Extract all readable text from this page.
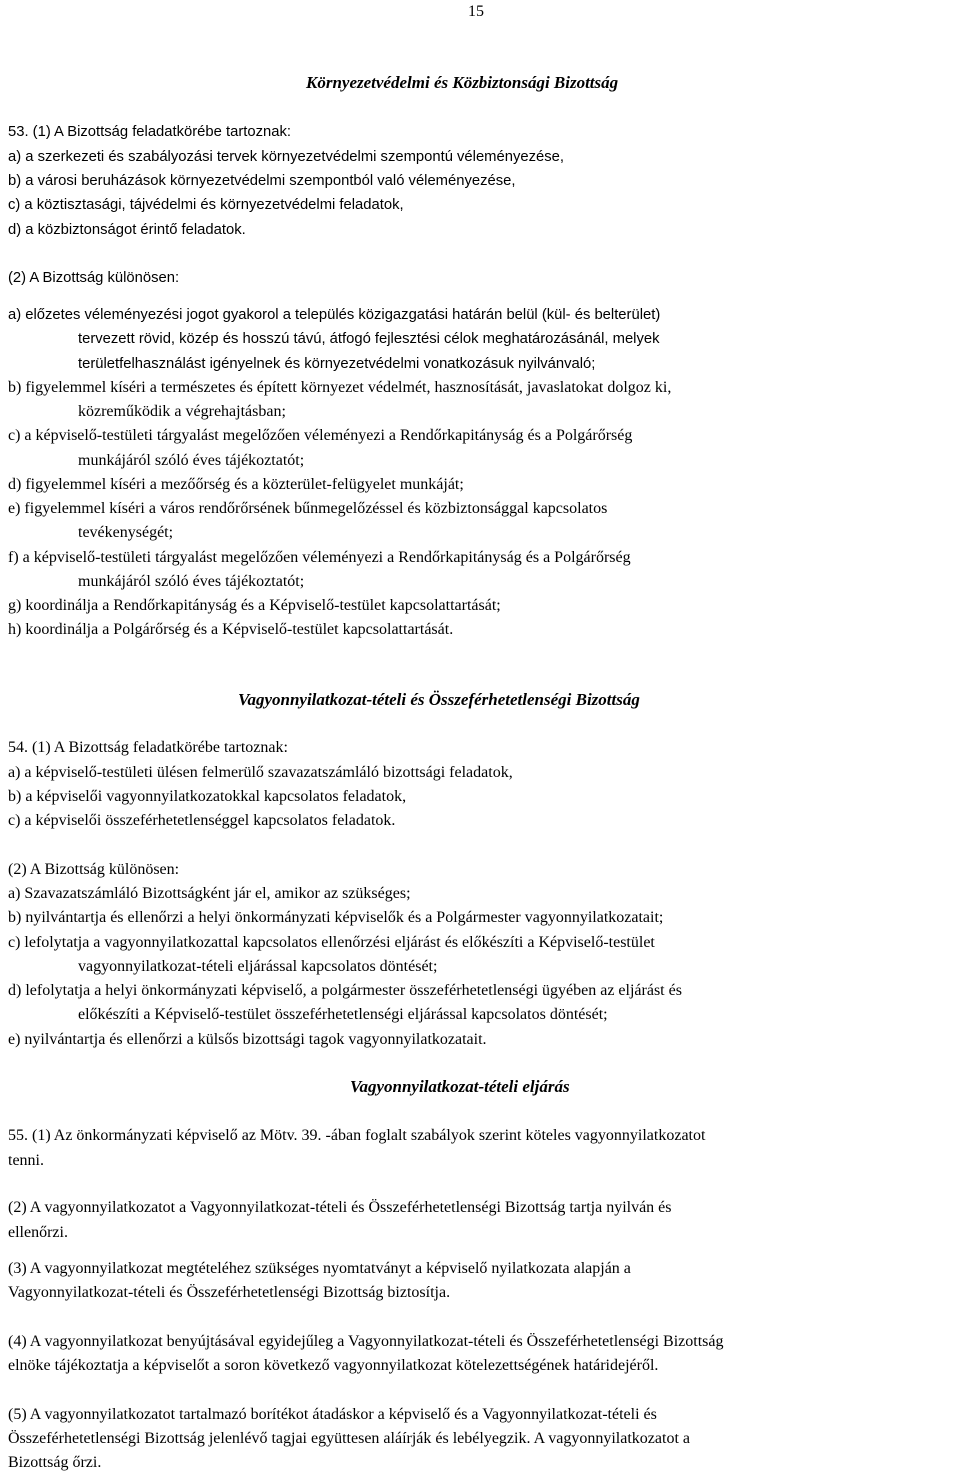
15
Környezetvédelmi és Közbiztonsági Bizottság
53. (1) A Bizottság feladatkörébe tartoznak:
a) a szerkezeti és szabályozási tervek környezetvédelmi szempontú véleményezése,
b) a városi beruházások környezetvédelmi szempontból való véleményezése,
c) a köztisztasági, tájvédelmi és környezetvédelmi feladatok,
d) a közbiztonságot érintő feladatok.
(2) A Bizottság különösen:
a) előzetes véleményezési jogot gyakorol a település közigazgatási határán belül (kül- és belterület)
tervezett rövid, közép és hosszú távú, átfogó fejlesztési célok meghatározásánál, melyek
területfelhasználást igényelnek és környezetvédelmi vonatkozásuk nyilvánvaló;
b) figyelemmel kíséri a természetes és épített környezet védelmét, hasznosítását, javaslatokat dolgoz ki,
közreműködik a végrehajtásban;
c) a képviselő-testületi tárgyalást megelőzően véleményezi a Rendőrkapitányság és a Polgárőrség
munkájáról szóló éves tájékoztatót;
d) figyelemmel kíséri a mezőőrség és a közterület-felügyelet munkáját;
e) figyelemmel kíséri a város rendőrőrsének bűnmegelőzéssel és közbiztonsággal kapcsolatos
tevékenységét;
f) a képviselő-testületi tárgyalást megelőzően véleményezi a Rendőrkapitányság és a Polgárőrség
munkájáról szóló éves tájékoztatót;
g) koordinálja a Rendőrkapitányság és a Képviselő-testület kapcsolattartását;
h) koordinálja a Polgárőrség és a Képviselő-testület kapcsolattartását.
Vagyonnyilatkozat-tételi és Összeférhetetlenségi Bizottság
54. (1) A Bizottság feladatkörébe tartoznak:
a) a képviselő-testületi ülésen felmerülő szavazatszámláló bizottsági feladatok,
b) a képviselői vagyonnyilatkozatokkal kapcsolatos feladatok,
c) a képviselői összeférhetetlenséggel kapcsolatos feladatok.
(2) A Bizottság különösen:
a) Szavazatszámláló Bizottságként jár el, amikor az szükséges;
b) nyilvántartja és ellenőrzi a helyi önkormányzati képviselők és a Polgármester vagyonnyilatkozatait;
c) lefolytatja a vagyonnyilatkozattal kapcsolatos ellenőrzési eljárást és előkészíti a Képviselő-testület
vagyonnyilatkozat-tételi eljárással kapcsolatos döntését;
d) lefolytatja a helyi önkormányzati képviselő, a polgármester összeférhetetlenségi ügyében az eljárást és
előkészíti a Képviselő-testület összeférhetetlenségi eljárással kapcsolatos döntését;
e) nyilvántartja és ellenőrzi a külsős bizottsági tagok vagyonnyilatkozatait.
Vagyonnyilatkozat-tételi eljárás
55. (1) Az önkormányzati képviselő az Mötv. 39. -ában foglalt szabályok szerint köteles vagyonnyilatkozatot
tenni.
(2) A vagyonnyilatkozatot a Vagyonnyilatkozat-tételi és Összeférhetetlenségi Bizottság tartja nyilván és
ellenőrzi.
(3) A vagyonnyilatkozat megtételéhez szükséges nyomtatványt a képviselő nyilatkozata alapján a
Vagyonnyilatkozat-tételi és Összeférhetetlenségi Bizottság biztosítja.
(4) A vagyonnyilatkozat benyújtásával egyidejűleg a Vagyonnyilatkozat-tételi és Összeférhetetlenségi Bizottság
elnöke tájékoztatja a képviselőt a soron következő vagyonnyilatkozat kötelezettségének határidejéről.
(5) A vagyonnyilatkozatot tartalmazó borítékot átadáskor a képviselő és a Vagyonnyilatkozat-tételi és
Összeférhetetlenségi Bizottság jelenlévő tagjai együttesen aláírják és lebélyegzik. A vagyonnyilatkozatot a
Bizottság őrzi.
